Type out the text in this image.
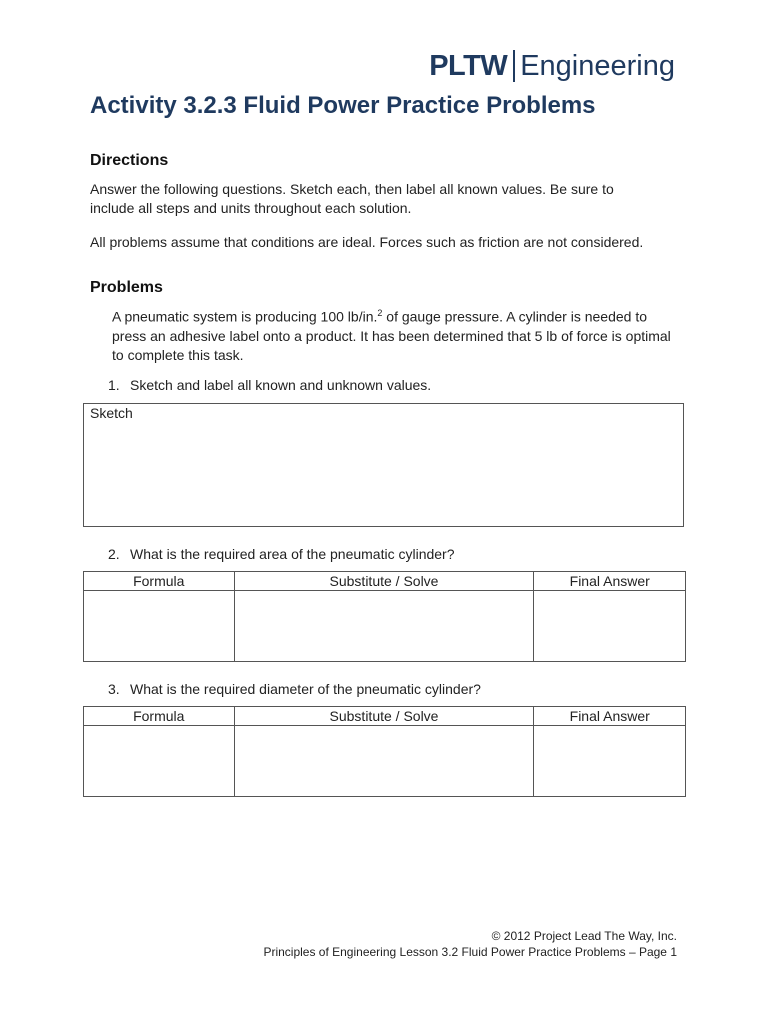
PLTW Engineering
Activity 3.2.3 Fluid Power Practice Problems
Directions

Answer the following questions. Sketch each, then label all known values. Be sure to include all steps and units throughout each solution.

All problems assume that conditions are ideal. Forces such as friction are not considered.

Problems

A pneumatic system is producing 100 lb/in.$^2$ of gauge pressure. A cylinder is needed to press an adhesive label onto a product. It has been determined that 5 lb of force is optimal to complete this task.

1. Sketch and label all known and unknown values.

Sketch

2. What is the required area of the pneumatic cylinder?

Formula	Substitute / Solve	Final Answer

3. What is the required diameter of the pneumatic cylinder?

Formula	Substitute / Solve	Final Answer

© 2012 Project Lead The Way, Inc.
Principles of Engineering Lesson 3.2 Fluid Power Practice Problems – Page 1
